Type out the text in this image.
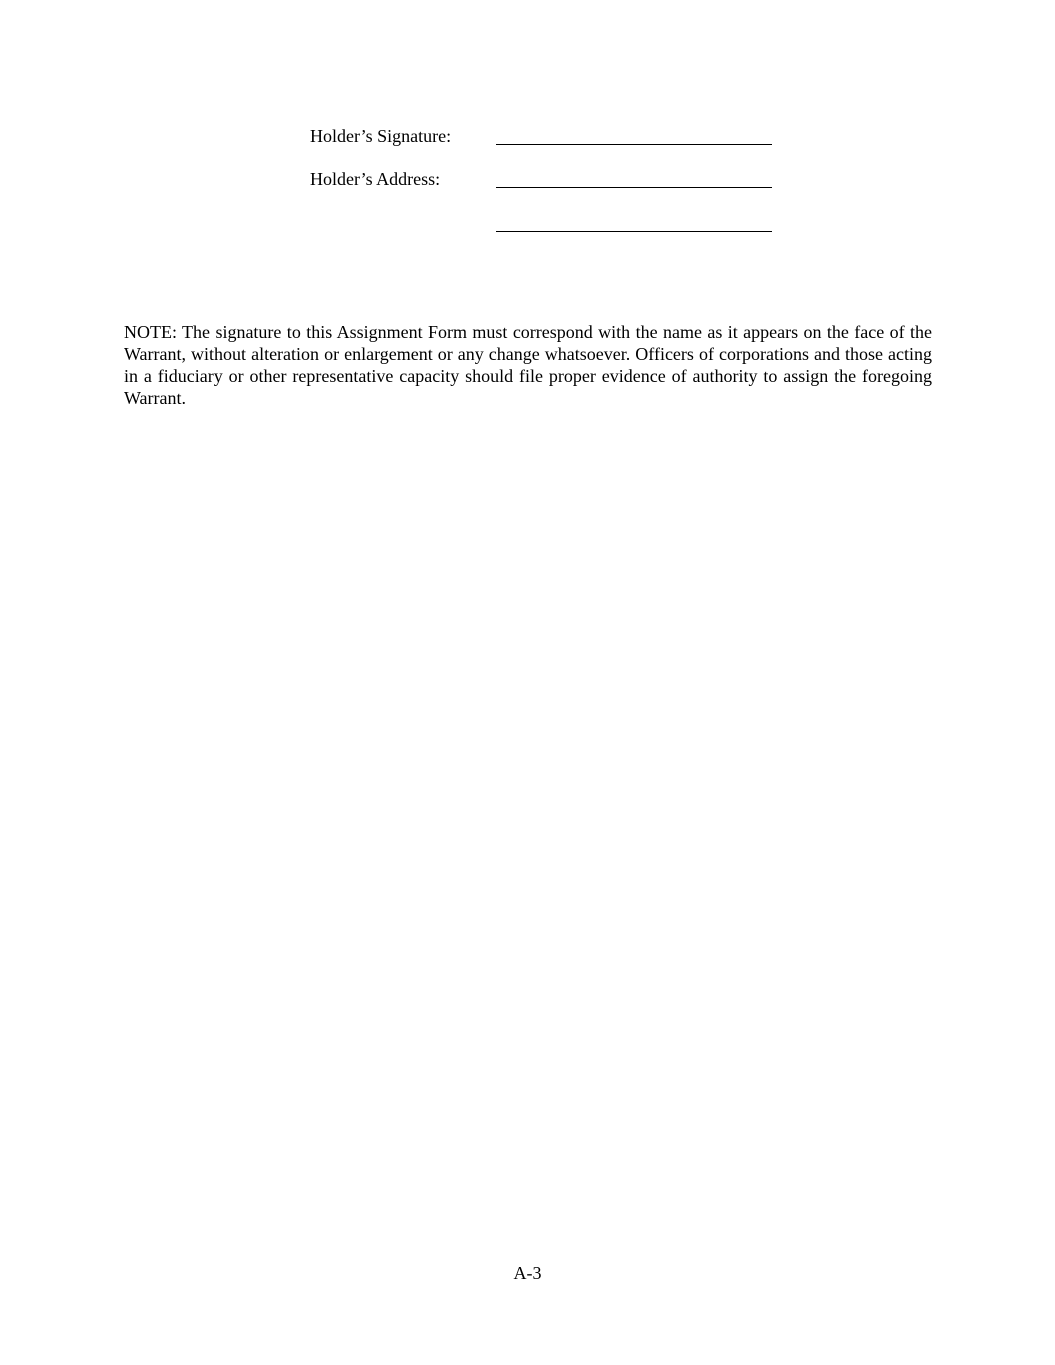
Holder’s Signature:
Holder’s Address:

NOTE: The signature to this Assignment Form must correspond with the name as it appears on the face of the Warrant, without alteration or enlargement or any change whatsoever. Officers of corporations and those acting in a fiduciary or other representative capacity should file proper evidence of authority to assign the foregoing Warrant.

A-3
